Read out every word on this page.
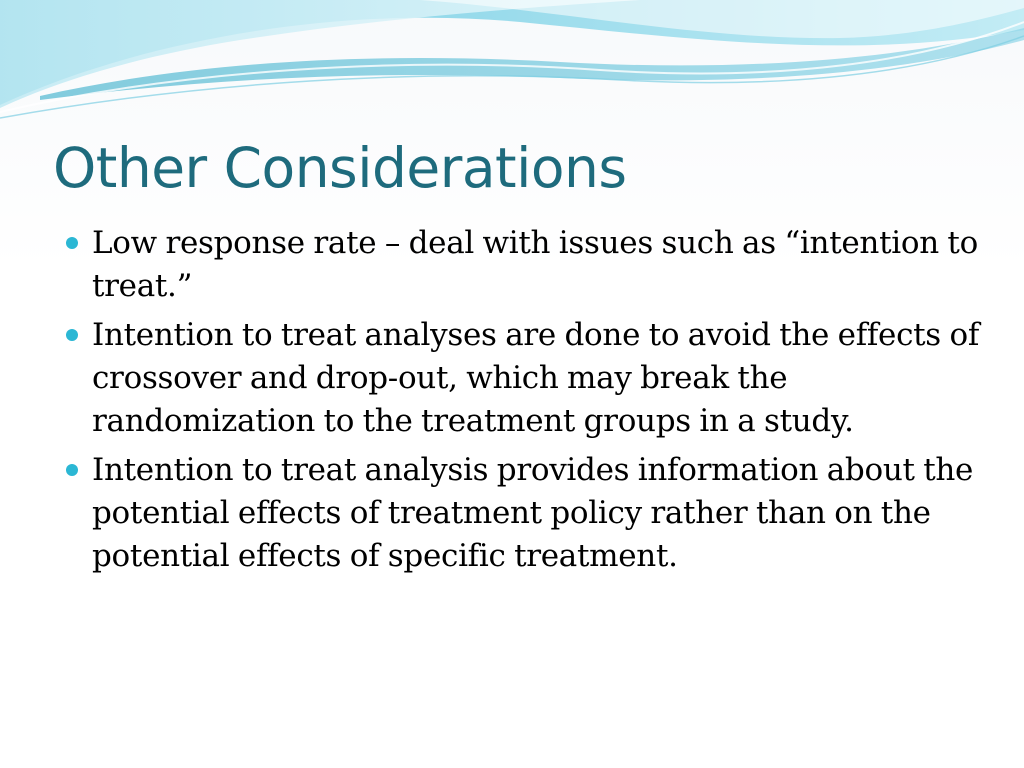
Other Considerations
Low response rate – deal with issues such as “intention to treat.”
Intention to treat analyses are done to avoid the effects of crossover and drop-out, which may break the randomization to the treatment groups in a study.
Intention to treat analysis provides information about the potential effects of treatment policy rather than on the potential effects of specific treatment.
